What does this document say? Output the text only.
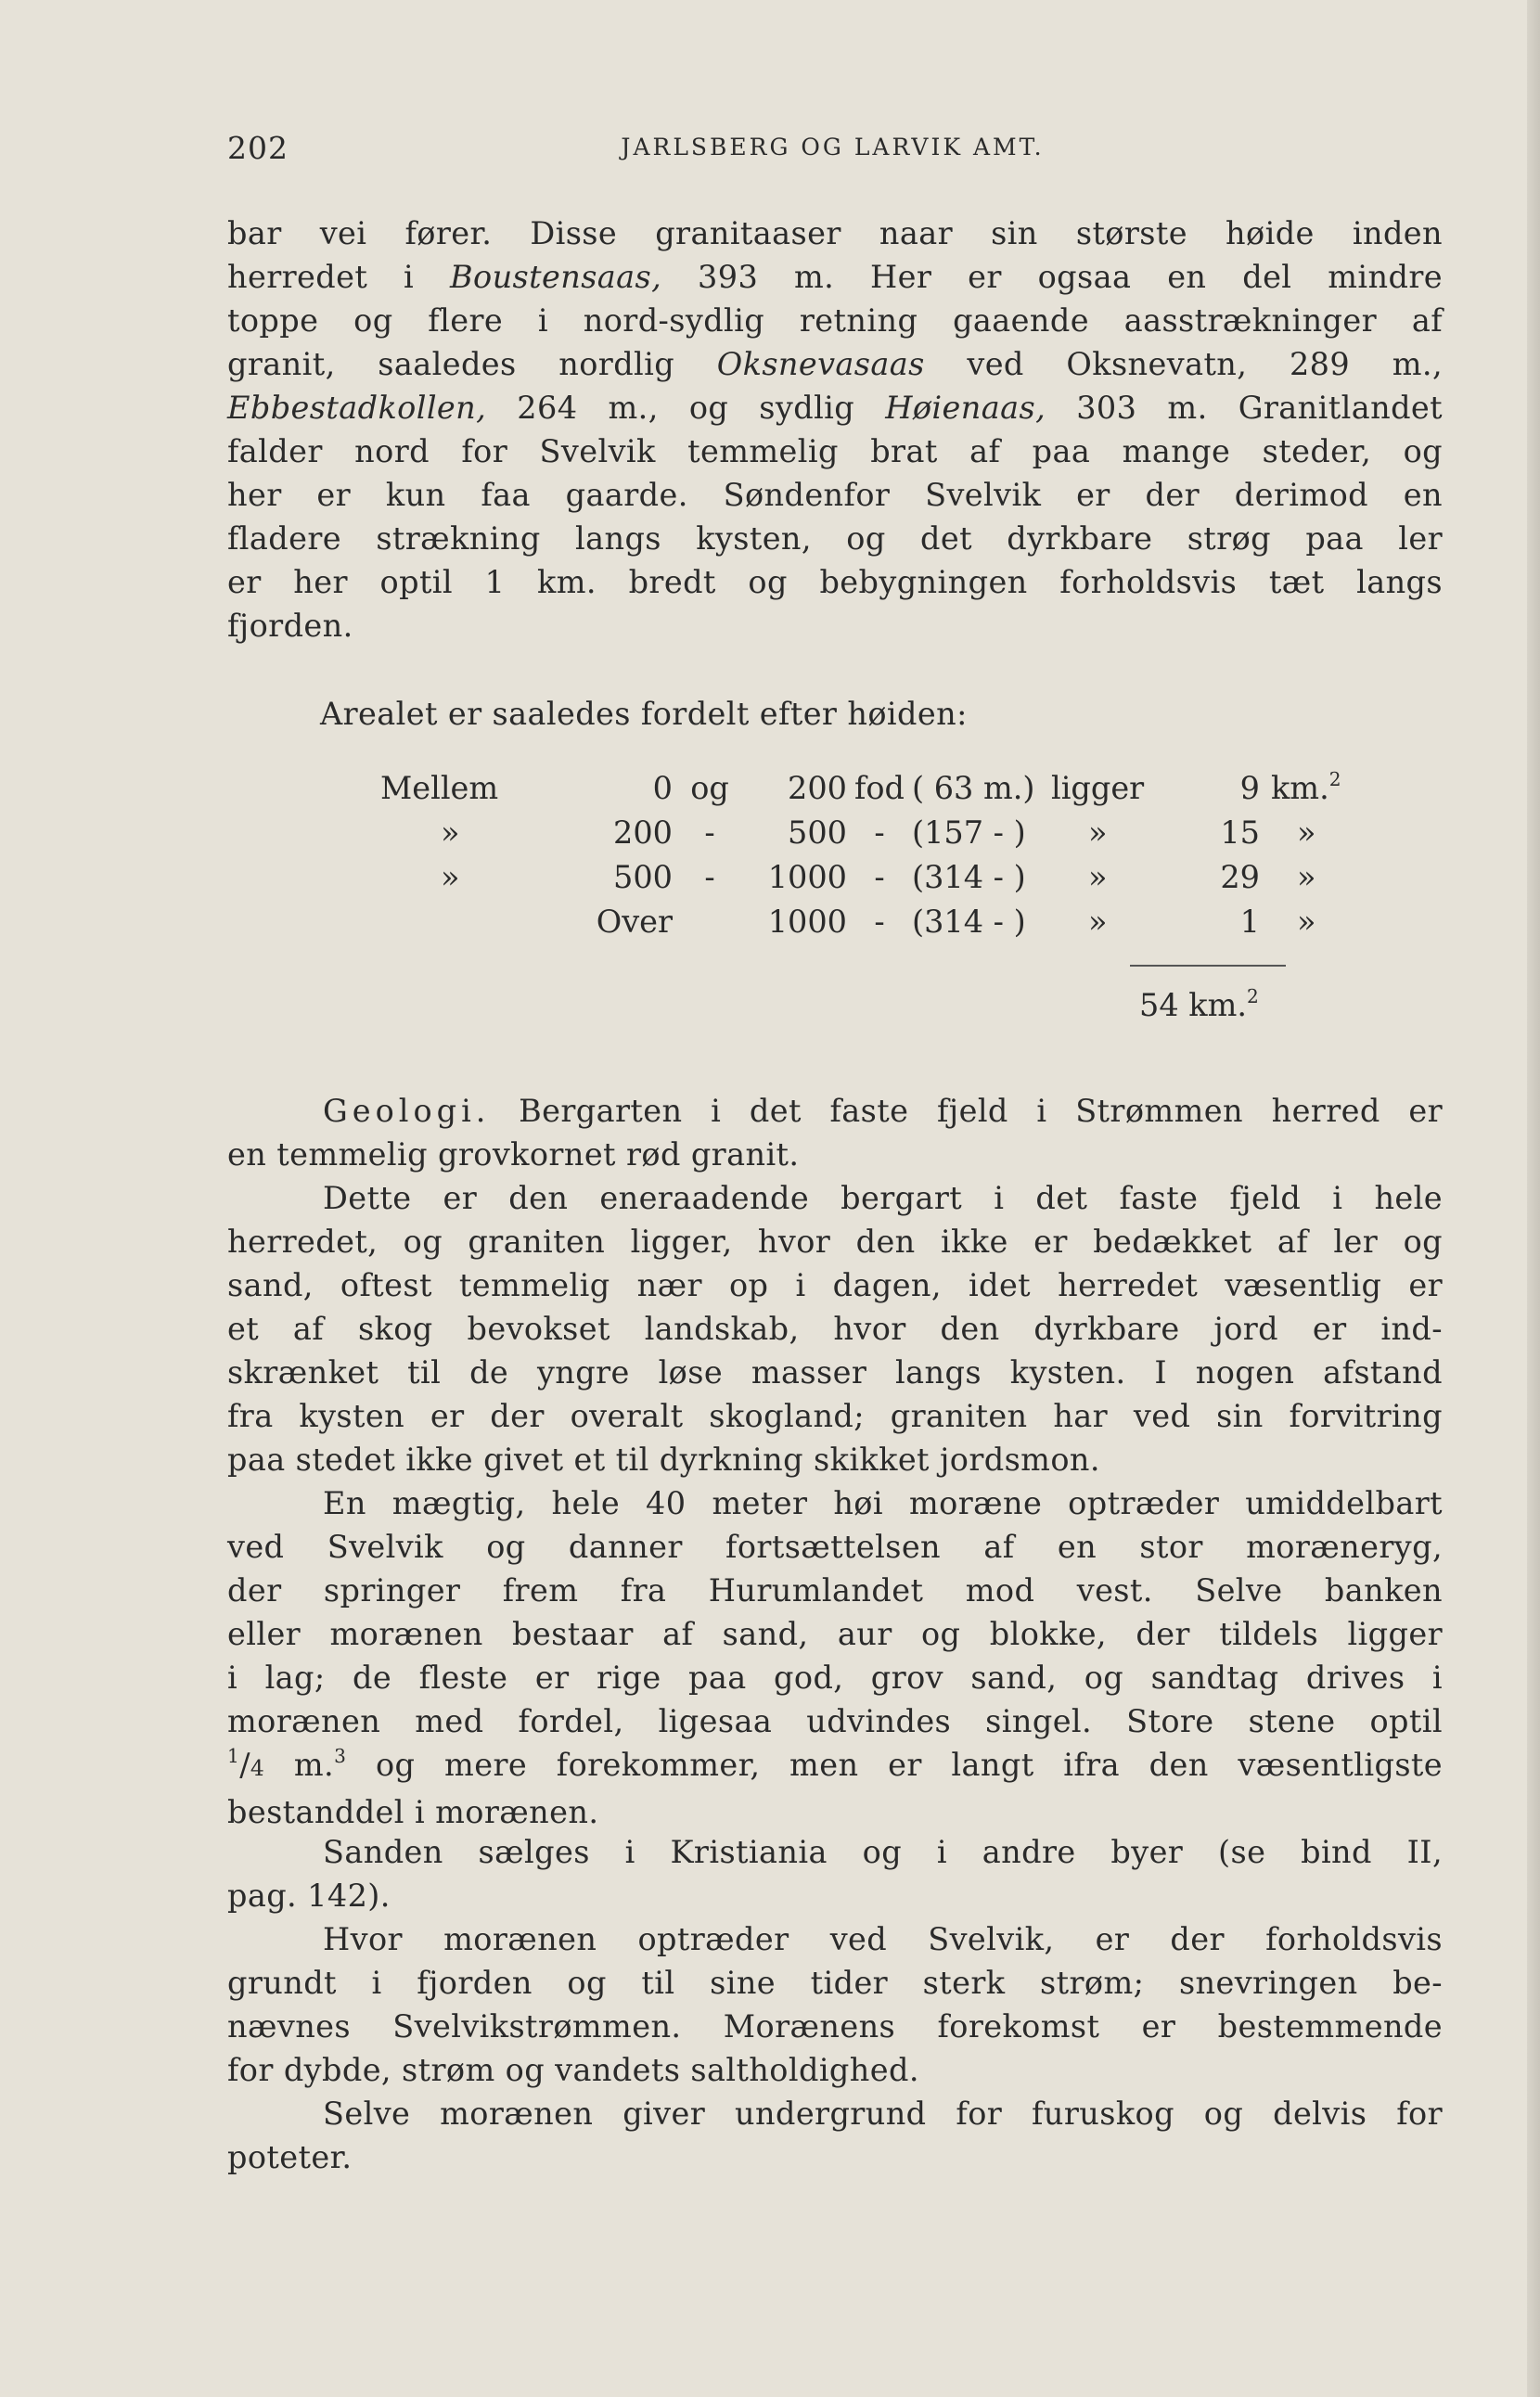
202	JARLSBERG OG LARVIK AMT.
bar vei fører. Disse granitaaser naar sin største høide inden
herredet i Boustensaas, 393 m. Her er ogsaa en del mindre
toppe og flere i nord-sydlig retning gaaende aasstrækninger af
granit, saaledes nordlig Oksnevasaas ved Oksnevatn, 289 m.,
Ebbestadkollen, 264 m., og sydlig Høienaas, 303 m. Granitlandet
falder nord for Svelvik temmelig brat af paa mange steder, og
her er kun faa gaarde. Søndenfor Svelvik er der derimod en
fladere strækning langs kysten, og det dyrkbare strøg paa ler
er her optil 1 km. bredt og bebygningen forholdsvis tæt langs
fjorden.
Arealet er saaledes fordelt efter høiden:
Mellem	0	og	200	fod	( 63 m.)	ligger	9	km.$^2$
»	200	-	500	-	(157 - )	»	15	»
»	500	-	1000	-	(314 - )	»	29	»
	Over		1000	-	(314 - )	»	1	»
54 km.$^2$
Geologi. Bergarten i det faste fjeld i Strømmen herred er
en temmelig grovkornet rød granit.
Dette er den eneraadende bergart i det faste fjeld i hele
herredet, og graniten ligger, hvor den ikke er bedækket af ler og
sand, oftest temmelig nær op i dagen, idet herredet væsentlig er
et af skog bevokset landskab, hvor den dyrkbare jord er ind-
skrænket til de yngre løse masser langs kysten. I nogen afstand
fra kysten er der overalt skogland; graniten har ved sin forvitring
paa stedet ikke givet et til dyrkning skikket jordsmon.
En mægtig, hele 40 meter høi moræne optræder umiddelbart
ved Svelvik og danner fortsættelsen af en stor moræneryg,
der springer frem fra Hurumlandet mod vest. Selve banken
eller morænen bestaar af sand, aur og blokke, der tildels ligger
i lag; de fleste er rige paa god, grov sand, og sandtag drives i
morænen med fordel, ligesaa udvindes singel. Store stene optil
$^1$/4 m.$^3$ og mere forekommer, men er langt ifra den væsentligste
bestanddel i morænen.
Sanden sælges i Kristiania og i andre byer (se bind II,
pag. 142).
Hvor morænen optræder ved Svelvik, er der forholdsvis
grundt i fjorden og til sine tider sterk strøm; snevringen be-
nævnes Svelvikstrømmen. Morænens forekomst er bestemmende
for dybde, strøm og vandets saltholdighed.
Selve morænen giver undergrund for furuskog og delvis for
poteter.
